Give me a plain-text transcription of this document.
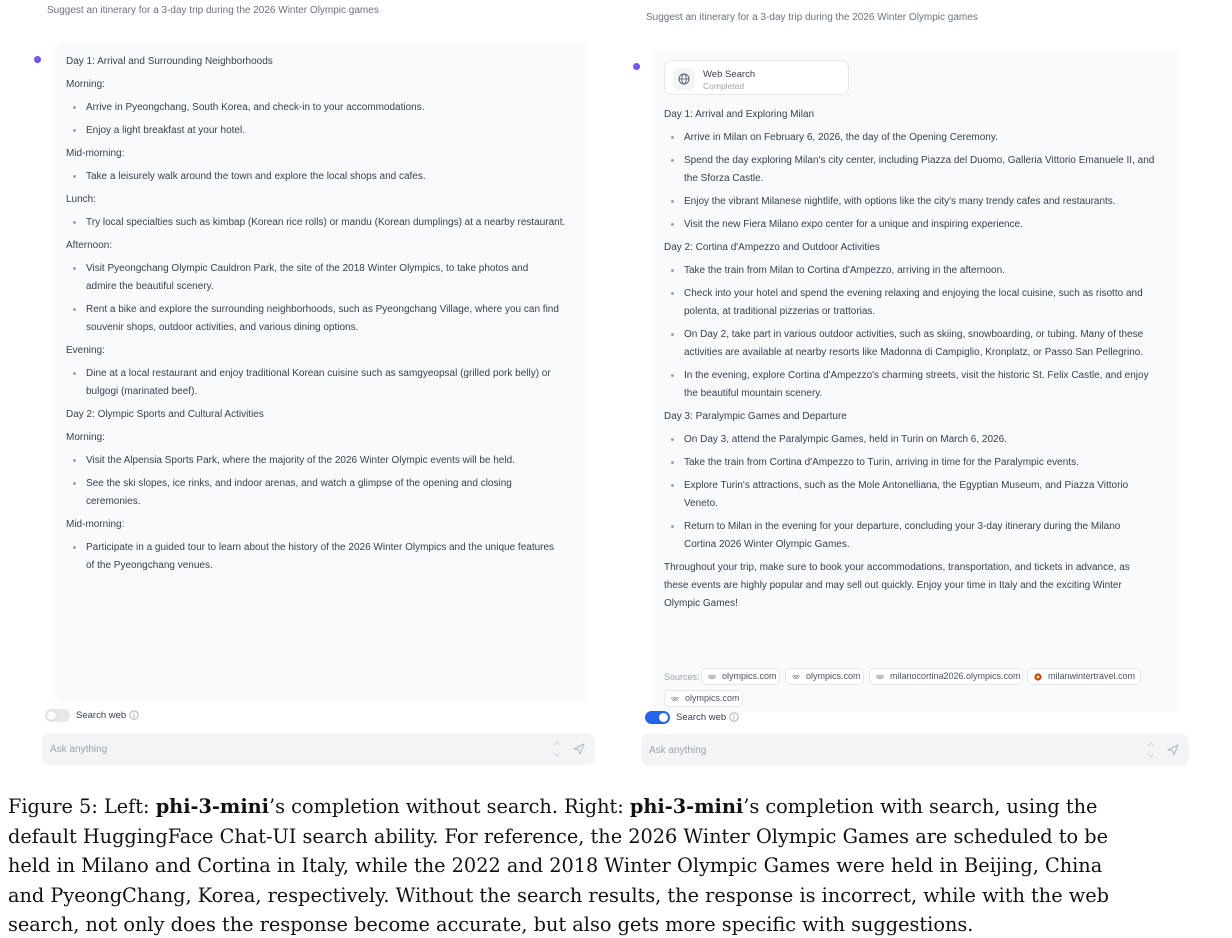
Suggest an itinerary for a 3-day trip during the 2026 Winter Olympic games
Day 1: Arrival and Surrounding Neighborhoods
Morning:
Arrive in Pyeongchang, South Korea, and check-in to your accommodations.
Enjoy a light breakfast at your hotel.
Mid-morning:
Take a leisurely walk around the town and explore the local shops and cafes.
Lunch:
Try local specialties such as kimbap (Korean rice rolls) or mandu (Korean dumplings) at a nearby restaurant.
Afternoon:
Visit Pyeongchang Olympic Cauldron Park, the site of the 2018 Winter Olympics, to take photos and
admire the beautiful scenery.
Rent a bike and explore the surrounding neighborhoods, such as Pyeongchang Village, where you can find
souvenir shops, outdoor activities, and various dining options.
Evening:
Dine at a local restaurant and enjoy traditional Korean cuisine such as samgyeopsal (grilled pork belly) or
bulgogi (marinated beef).
Day 2: Olympic Sports and Cultural Activities
Morning:
Visit the Alpensia Sports Park, where the majority of the 2026 Winter Olympic events will be held.
See the ski slopes, ice rinks, and indoor arenas, and watch a glimpse of the opening and closing
ceremonies.
Mid-morning:
Participate in a guided tour to learn about the history of the 2026 Winter Olympics and the unique features
of the Pyeongchang venues.
Search web
Ask anything
Suggest an itinerary for a 3-day trip during the 2026 Winter Olympic games
Web Search
Completed
Day 1: Arrival and Exploring Milan
Arrive in Milan on February 6, 2026, the day of the Opening Ceremony.
Spend the day exploring Milan's city center, including Piazza del Duomo, Galleria Vittorio Emanuele II, and
the Sforza Castle.
Enjoy the vibrant Milanese nightlife, with options like the city's many trendy cafes and restaurants.
Visit the new Fiera Milano expo center for a unique and inspiring experience.
Day 2: Cortina d'Ampezzo and Outdoor Activities
Take the train from Milan to Cortina d'Ampezzo, arriving in the afternoon.
Check into your hotel and spend the evening relaxing and enjoying the local cuisine, such as risotto and
polenta, at traditional pizzerias or trattorias.
On Day 2, take part in various outdoor activities, such as skiing, snowboarding, or tubing. Many of these
activities are available at nearby resorts like Madonna di Campiglio, Kronplatz, or Passo San Pellegrino.
In the evening, explore Cortina d'Ampezzo's charming streets, visit the historic St. Felix Castle, and enjoy
the beautiful mountain scenery.
Day 3: Paralympic Games and Departure
On Day 3, attend the Paralympic Games, held in Turin on March 6, 2026.
Take the train from Cortina d'Ampezzo to Turin, arriving in time for the Paralympic events.
Explore Turin's attractions, such as the Mole Antonelliana, the Egyptian Museum, and Piazza Vittorio
Veneto.
Return to Milan in the evening for your departure, concluding your 3-day itinerary during the Milano
Cortina 2026 Winter Olympic Games.
Throughout your trip, make sure to book your accommodations, transportation, and tickets in advance, as
these events are highly popular and may sell out quickly. Enjoy your time in Italy and the exciting Winter
Olympic Games!
Sources:	olympics.com	olympics.com	milanocortina2026.olympics.com	milanwintertravel.com
olympics.com
Search web
Ask anything
Figure 5: Left: phi-3-mini’s completion without search. Right: phi-3-mini’s completion with search, using the
default HuggingFace Chat-UI search ability. For reference, the 2026 Winter Olympic Games are scheduled to be
held in Milano and Cortina in Italy, while the 2022 and 2018 Winter Olympic Games were held in Beijing, China
and PyeongChang, Korea, respectively. Without the search results, the response is incorrect, while with the web
search, not only does the response become accurate, but also gets more specific with suggestions.
